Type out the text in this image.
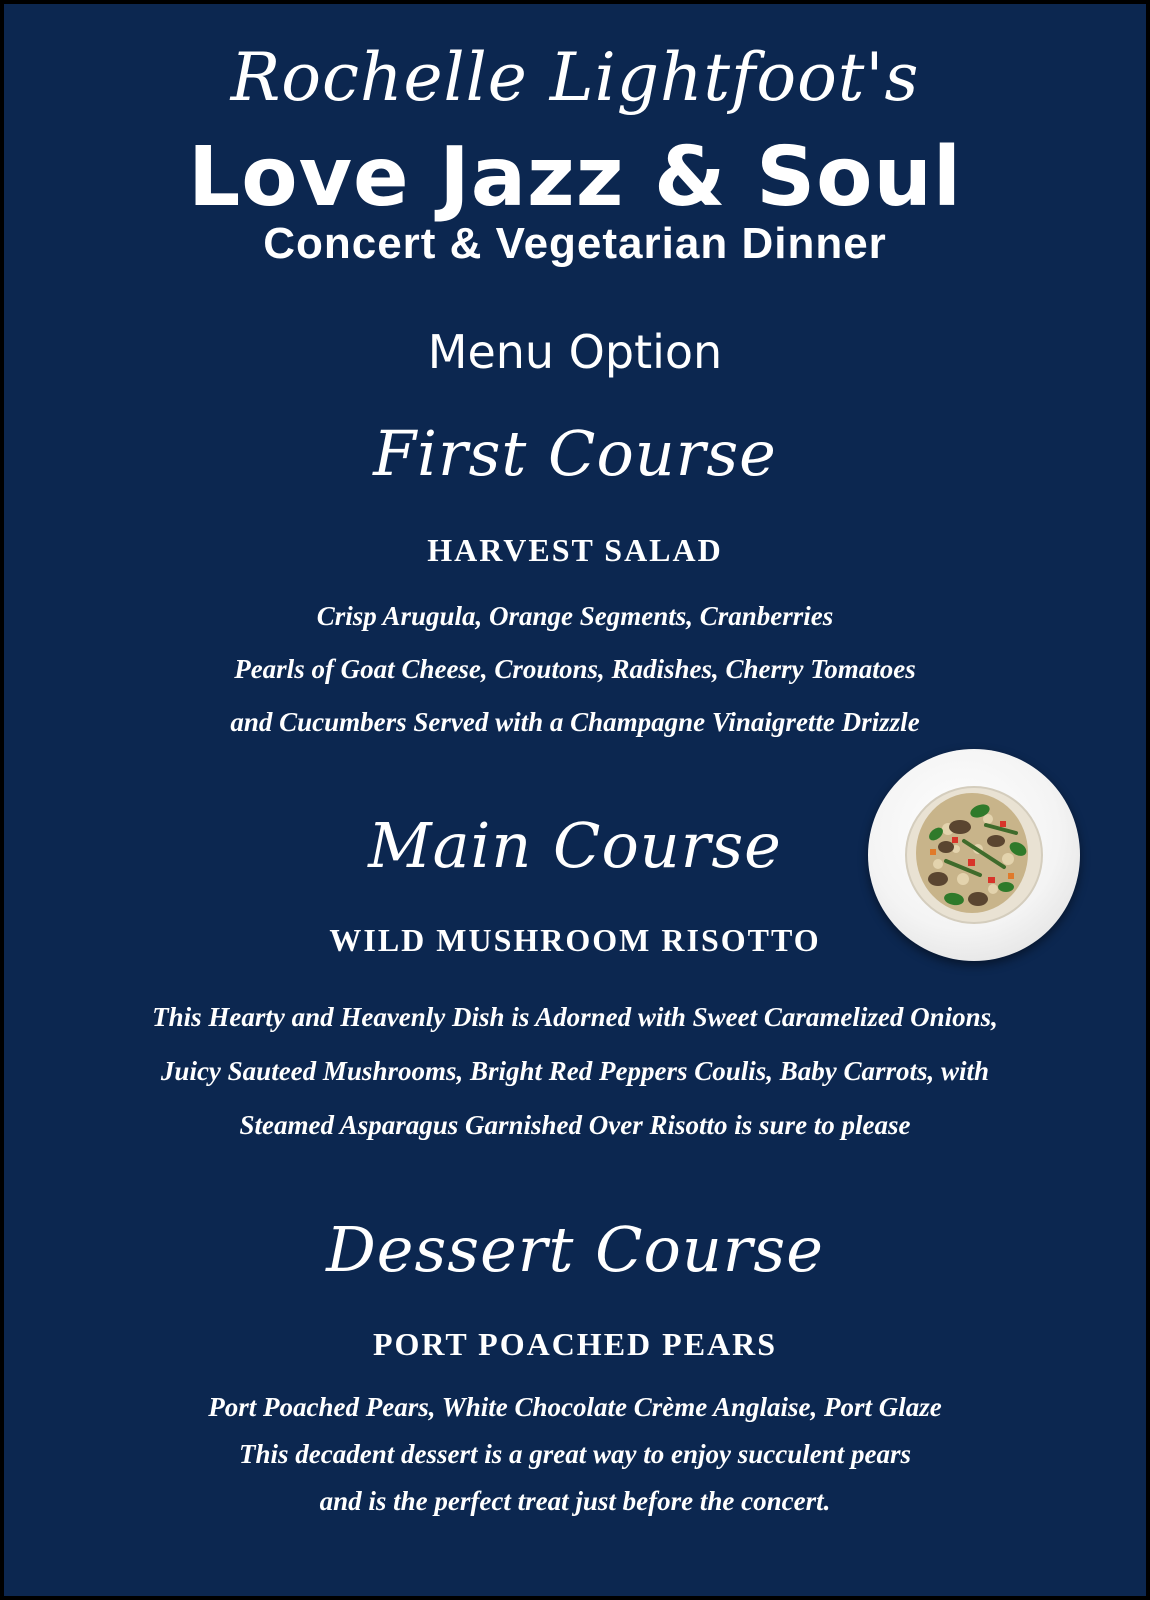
Rochelle Lightfoot's
Love Jazz & Soul
Concert & Vegetarian Dinner
Menu Option
First Course
HARVEST SALAD
Crisp Arugula, Orange Segments, Cranberries
Pearls of Goat Cheese, Croutons, Radishes, Cherry Tomatoes
and Cucumbers Served with a Champagne Vinaigrette Drizzle
Main Course
WILD MUSHROOM RISOTTO
This Hearty and Heavenly Dish is Adorned with Sweet Caramelized Onions,
Juicy Sauteed Mushrooms, Bright Red Peppers Coulis, Baby Carrots, with
Steamed Asparagus Garnished Over Risotto is sure to please
Dessert Course
PORT POACHED PEARS
Port Poached Pears, White Chocolate Crème Anglaise, Port Glaze
This decadent dessert is a great way to enjoy succulent pears
and is the perfect treat just before the concert.
